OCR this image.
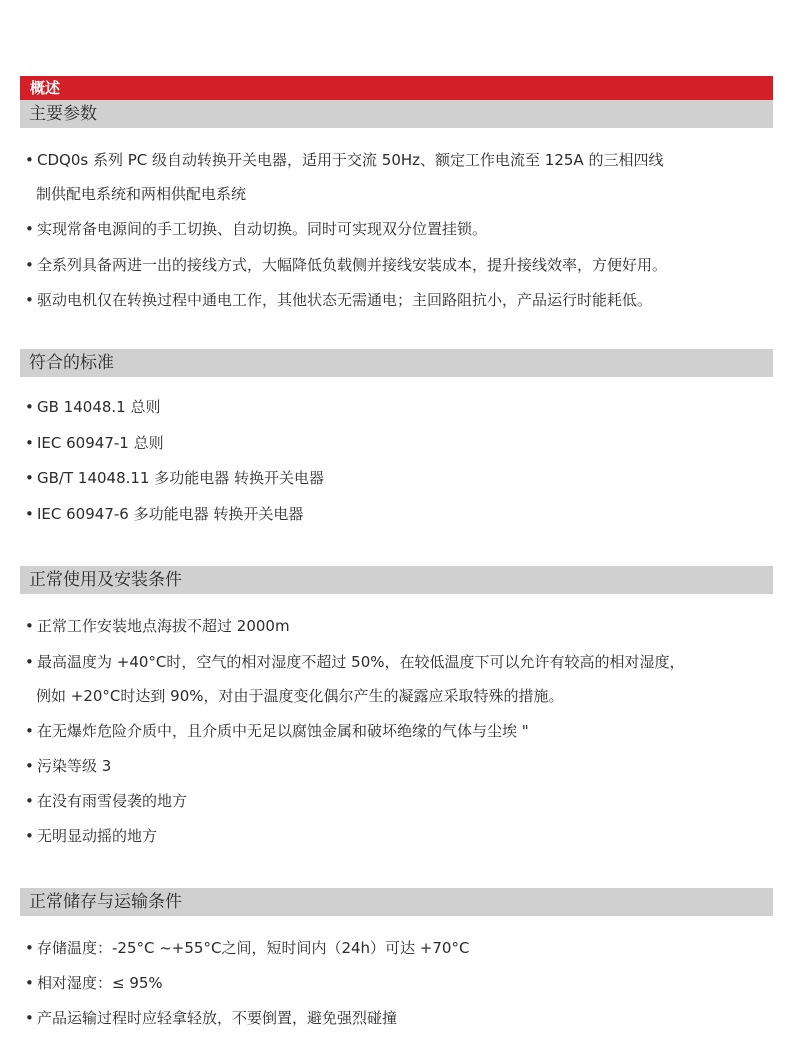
概述
主要参数
• CDQ0s 系列 PC 级自动转换开关电器，适用于交流 50Hz、额定工作电流至 125A 的三相四线
制供配电系统和两相供配电系统
• 实现常备电源间的手工切换、自动切换。同时可实现双分位置挂锁。
• 全系列具备两进一出的接线方式，大幅降低负载侧并接线安装成本，提升接线效率，方便好用。
• 驱动电机仅在转换过程中通电工作，其他状态无需通电；主回路阻抗小，产品运行时能耗低。
符合的标准
• GB 14048.1 总则
• IEC 60947-1 总则
• GB/T 14048.11 多功能电器 转换开关电器
• IEC 60947-6 多功能电器 转换开关电器
正常使用及安装条件
• 正常工作安装地点海拔不超过 2000m
• 最高温度为 +40°C时，空气的相对湿度不超过 50%，在较低温度下可以允许有较高的相对湿度，
例如 +20°C时达到 90%，对由于温度变化偶尔产生的凝露应采取特殊的措施。
• 在无爆炸危险介质中，且介质中无足以腐蚀金属和破坏绝缘的气体与尘埃 "
• 污染等级 3
• 在没有雨雪侵袭的地方
• 无明显动摇的地方
正常储存与运输条件
• 存储温度：-25°C ~+55°C之间，短时间内（24h）可达 +70°C
• 相对湿度：≤ 95%
• 产品运输过程时应轻拿轻放，不要倒置，避免强烈碰撞
